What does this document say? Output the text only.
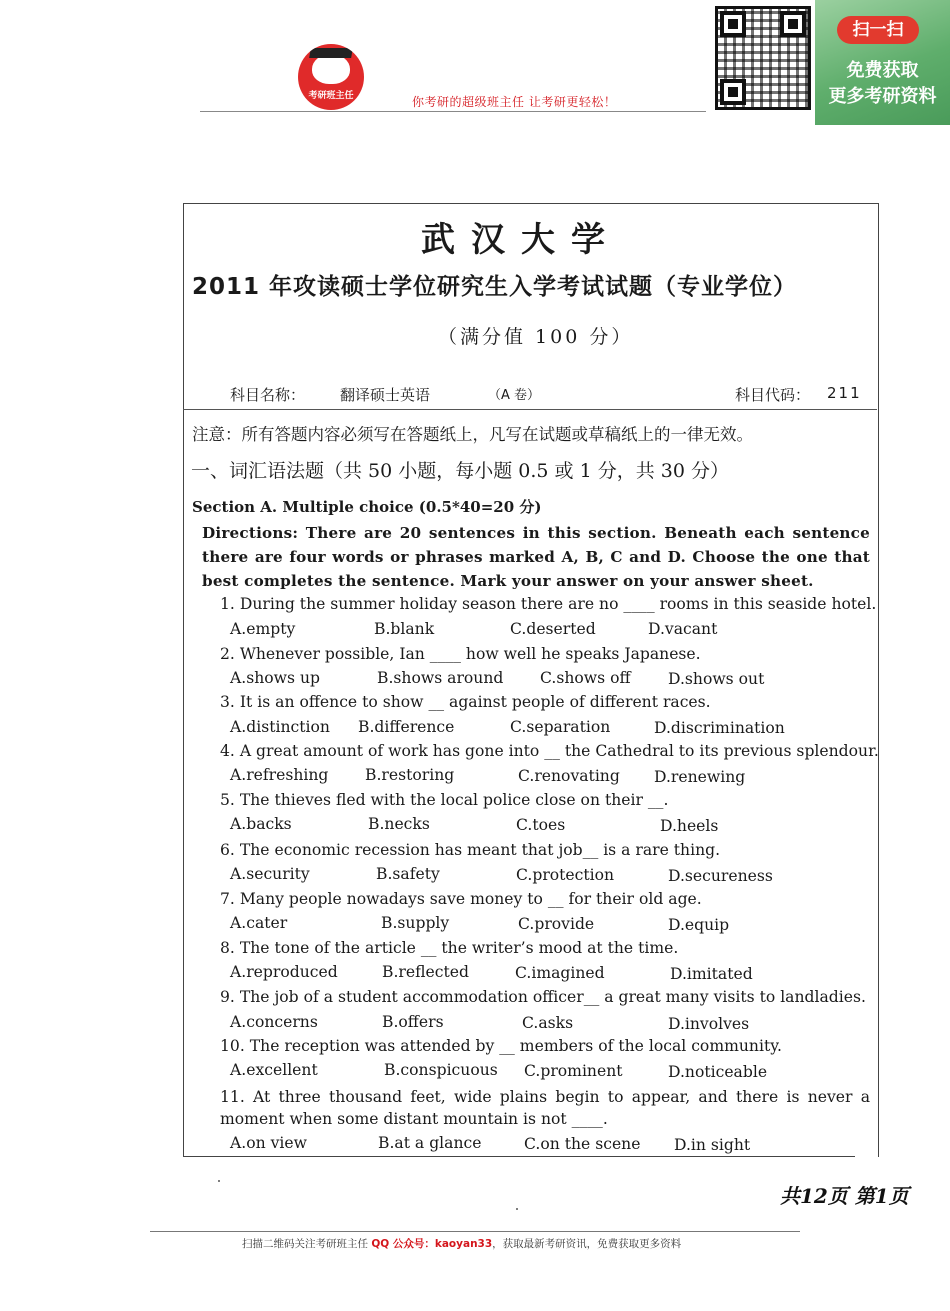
考研班主任	你考研的超级班主任 让考研更轻松！
扫一扫
免费获取
更多考研资料
武汉大学
2011 年攻读硕士学位研究生入学考试试题（专业学位）
（满分值 100 分）
科目名称： 翻译硕士英语	（A 卷）	科目代码： 211
注意：所有答题内容必须写在答题纸上，凡写在试题或草稿纸上的一律无效。
一、词汇语法题（共 50 小题，每小题 0.5 或 1 分，共 30 分）
Section A. Multiple choice (0.5*40=20 分)
Directions: There are 20 sentences in this section. Beneath each sentence there are four words or phrases marked A, B, C and D. Choose the one that best completes the sentence. Mark your answer on your answer sheet.
1. During the summer holiday season there are no ____ rooms in this seaside hotel.
A.empty	B.blank	C.deserted	D.vacant
2. Whenever possible, Ian ____ how well he speaks Japanese.
A.shows up	B.shows around C.shows off D.shows out
3. It is an offence to show __ against people of different races.
A.distinction B.difference	C.separation	D.discrimination
4. A great amount of work has gone into __ the Cathedral to its previous splendour.
A.refreshing B.restoring	C.renovating D.renewing
5. The thieves fled with the local police close on their __.
A.backs	B.necks	C.toes	D.heels
6. The economic recession has meant that job__ is a rare thing.
A.security	B.safety	C.protection	D.secureness
7. Many people nowadays save money to __ for their old age.
A.cater	B.supply	C.provide	D.equip
8. The tone of the article __ the writer’s mood at the time.
A.reproduced	B.reflected	C.imagined	D.imitated
9. The job of a student accommodation officer__ a great many visits to landladies.
A.concerns	B.offers	C.asks	D.involves
10. The reception was attended by __ members of the local community.
A.excellent	B.conspicuous C.prominent	D.noticeable
11. At three thousand feet, wide plains begin to appear, and there is never a moment when some distant mountain is not ____.
A.on view	B.at a glance	C.on the scene D.in sight
共12页 第1页
扫描二维码关注考研班主任 QQ 公众号：kaoyan33，获取最新考研资讯，免费获取更多资料
